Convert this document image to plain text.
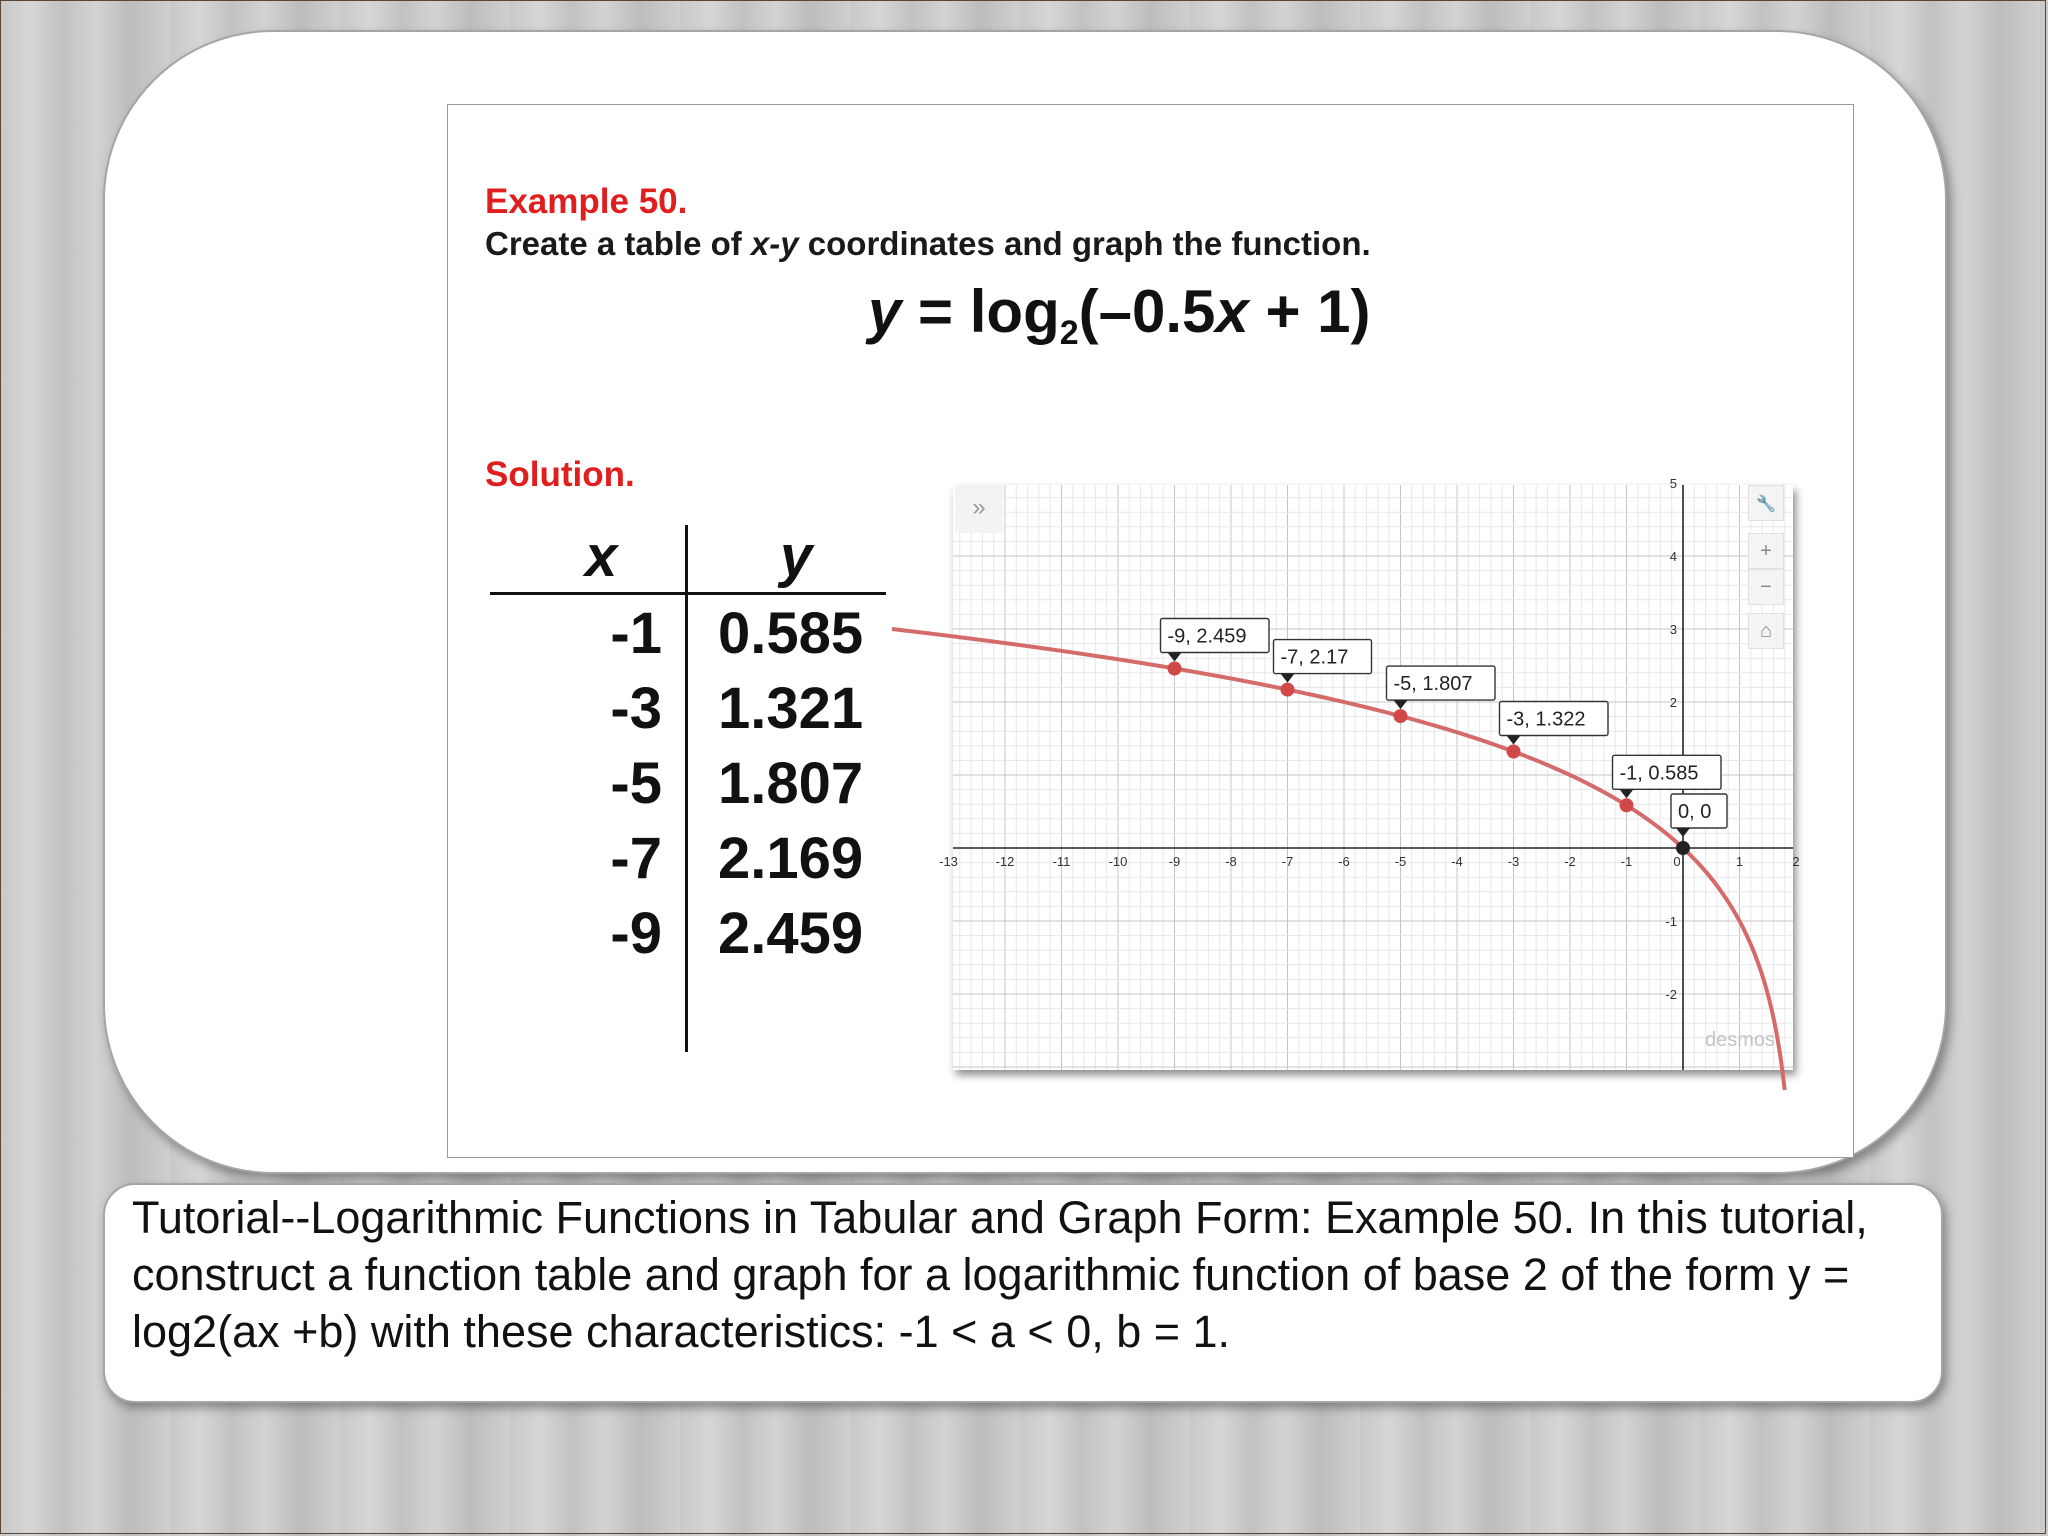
Example 50.

Create a table of x-y coordinates and graph the function.

$y = \log_2(-0.5x + 1)$

Solution.

x	y
-1 0.585
-3 1.321
-5 1.807
-7 2.169
-9 2.459
-13	-12	-11	-10	-9	-8	-7	-6	-5	-4	-3	-2	-1	0	1	2
5
4
3
2
-1
-2
-9, 2.459
-7, 2.17
-5, 1.807
-3, 1.322
-1, 0.585
0, 0
»	🔧
+
−
⌂
desmos

Tutorial--Logarithmic Functions in Tabular and Graph Form: Example 50. In this tutorial, construct a function table and graph for a logarithmic function of base 2 of the form y = log2(ax +b) with these characteristics: -1 < a < 0, b = 1.
